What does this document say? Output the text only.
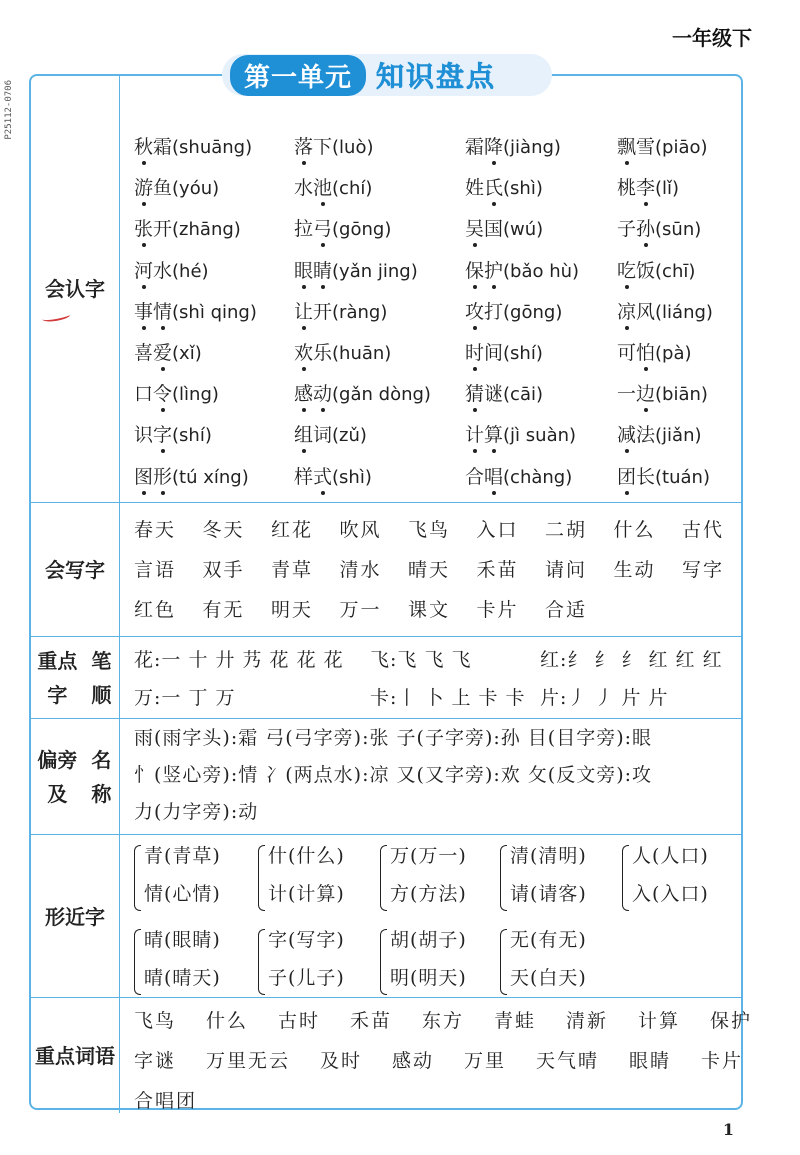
一年级下
P25112-0706
第一单元 知识盘点
会认字
秋霜(shuāng)
游鱼(yóu)
张开(zhāng)
河水(hé)
事情(shì qing)
喜爱(xǐ)
口令(lìng)
识字(shí)
图形(tú xíng)
落下(luò)
水池(chí)
拉弓(gōng)
眼睛(yǎn jing)
让开(ràng)
欢乐(huān)
感动(gǎn dòng)
组词(zǔ)
样式(shì)
霜降(jiàng)
姓氏(shì)
吴国(wú)
保护(bǎo hù)
攻打(gōng)
时间(shí)
猜谜(cāi)
计算(jì suàn)
合唱(chàng)
飘雪(piāo)
桃李(lǐ)
子孙(sūn)
吃饭(chī)
凉风(liáng)
可怕(pà)
一边(biān)
减法(jiǎn)
团长(tuán)
会写字
春天 冬天 红花 吹风 飞鸟 入口 二胡 什么 古代
言语 双手 青草 清水 晴天 禾苗 请问 生动 写字
红色 有无 明天 万一 课文 卡片 合适
重点字
笔顺
花:一 十 廾 艿 花 花 花 飞:飞 飞 飞	红:纟 纟 纟 红 红 红
万:一 丁 万	卡:丨 卜 上 卡 卡 片:丿 丿 片 片
偏旁及
名称
雨(雨字头):霜 弓(弓字旁):张 子(子字旁):孙 目(目字旁):眼
忄(竖心旁):情 冫(两点水):凉 又(又字旁):欢 攵(反文旁):攻
力(力字旁):动
形近字
青(青草)
情(心情)
什(什么)
计(计算)
万(万一)
方(方法)
清(清明)
请(请客)
人(人口)
入(入口)
晴(眼睛)
晴(晴天)
字(写字)
子(儿子)
胡(胡子)
明(明天)
无(有无)
天(白天)
重点 词语
飞鸟 什么 古时 禾苗 东方 青蛙 清新 计算 保护
字谜 万里无云 及时 感动 万里 天气晴 眼睛 卡片
合唱团
1
